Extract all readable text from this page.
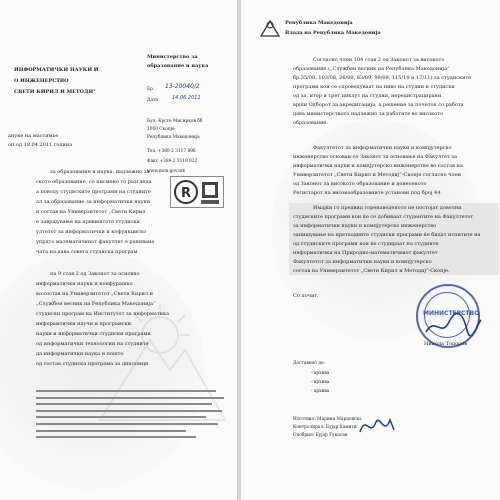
ИНФОРМАТИЧКИ НАУКИ И
О ИНЖЕНЕРСТВО
СВЕТИ КИРИЛ И МЕТОДИ"
Министерство за
образование и наука
Бр. 13-20040/2
Дата	14.06.2011
Бул. Крсте Мисирков бб
1000 Скопје
Република Македонија
Тел. +389 2 3117 896
Факс +389 2 3118 022
www.mon.gov.mk
R
ануке на массимье
оп од 18.04.2011 година
за образование и наука, надлежно за
ското образование, со писмено го разгледа
а поводу студиските програми на студиите
ал за образование за информатички науки
и состав на Универзитетот „Свети Кирил
е завршување на прввиштото студиски
ултетот за информатички и кофункциско
упрдто математичкиот факултет е раниване
чата на дава совега студиска програм
на 9 став 2 од Законот за основно
информатички науки и конфурашко
во состав на Универзитетот „Свети Кирил и
„Службен весник на Република Македонија“
студиски програм на Институтот за информатика
инфорамтички научи и програмски
науки и информатички студиски програми
од информатички технологии на студиите
дa информатички наука и пошто
од состав студиска програма за дипломци
Република Македонија
Влада на Република Македонија
Согласно член 104 став 2 од Законот за високото
образование („Службен весник на Република Македонија“
бр.35/08, 103/08, 26/09, 83/09, 99/09, 115/10 и 17/11) за студиските
програми кои се спроведуваат на ниво на студии и студиски
од за, итор и трет циклус на студии, нередистрацирани
врши Одборот за акредитација, а решение за почеток со работа
дава министерството надлежно за работите во високото
образование.
Факултетот за информатички науки и компјутерско
инженерство основан со Законот за основање на Факултет за
информатички науки и компјутерско инженерство во состав на
Универзитетот „Свети Кирил и Методиј“-Скопје согласно член
од Законот за високото образование и донесеното
Регистарот на високообразовните установи под број 44.
Имајќи го предвид горенаведеното не постојат доволни
студиските програми кои ќе се добиваат студентите на Факултетот
за информатички науки и компјутерско инженерство
запишување на претходните студиски програми ќе бидат испитите на
од студиските програми кои ќе студираат на студиите
информатички на Природно-математичкиот факултет
Факултетот за информатички науки и компјутерско
состав на Универзитетот „Свети Кирил и Методиј“-Скопје.
Со почит,
МИНИСТЕРСТВО
Никола Тодоров
Доставено до:
- архива
- архива
- архива
Изготвил: Марина Марцовска
Контролирал: Бујар Хамити
Одобрил: Бујар Ѓукасан
